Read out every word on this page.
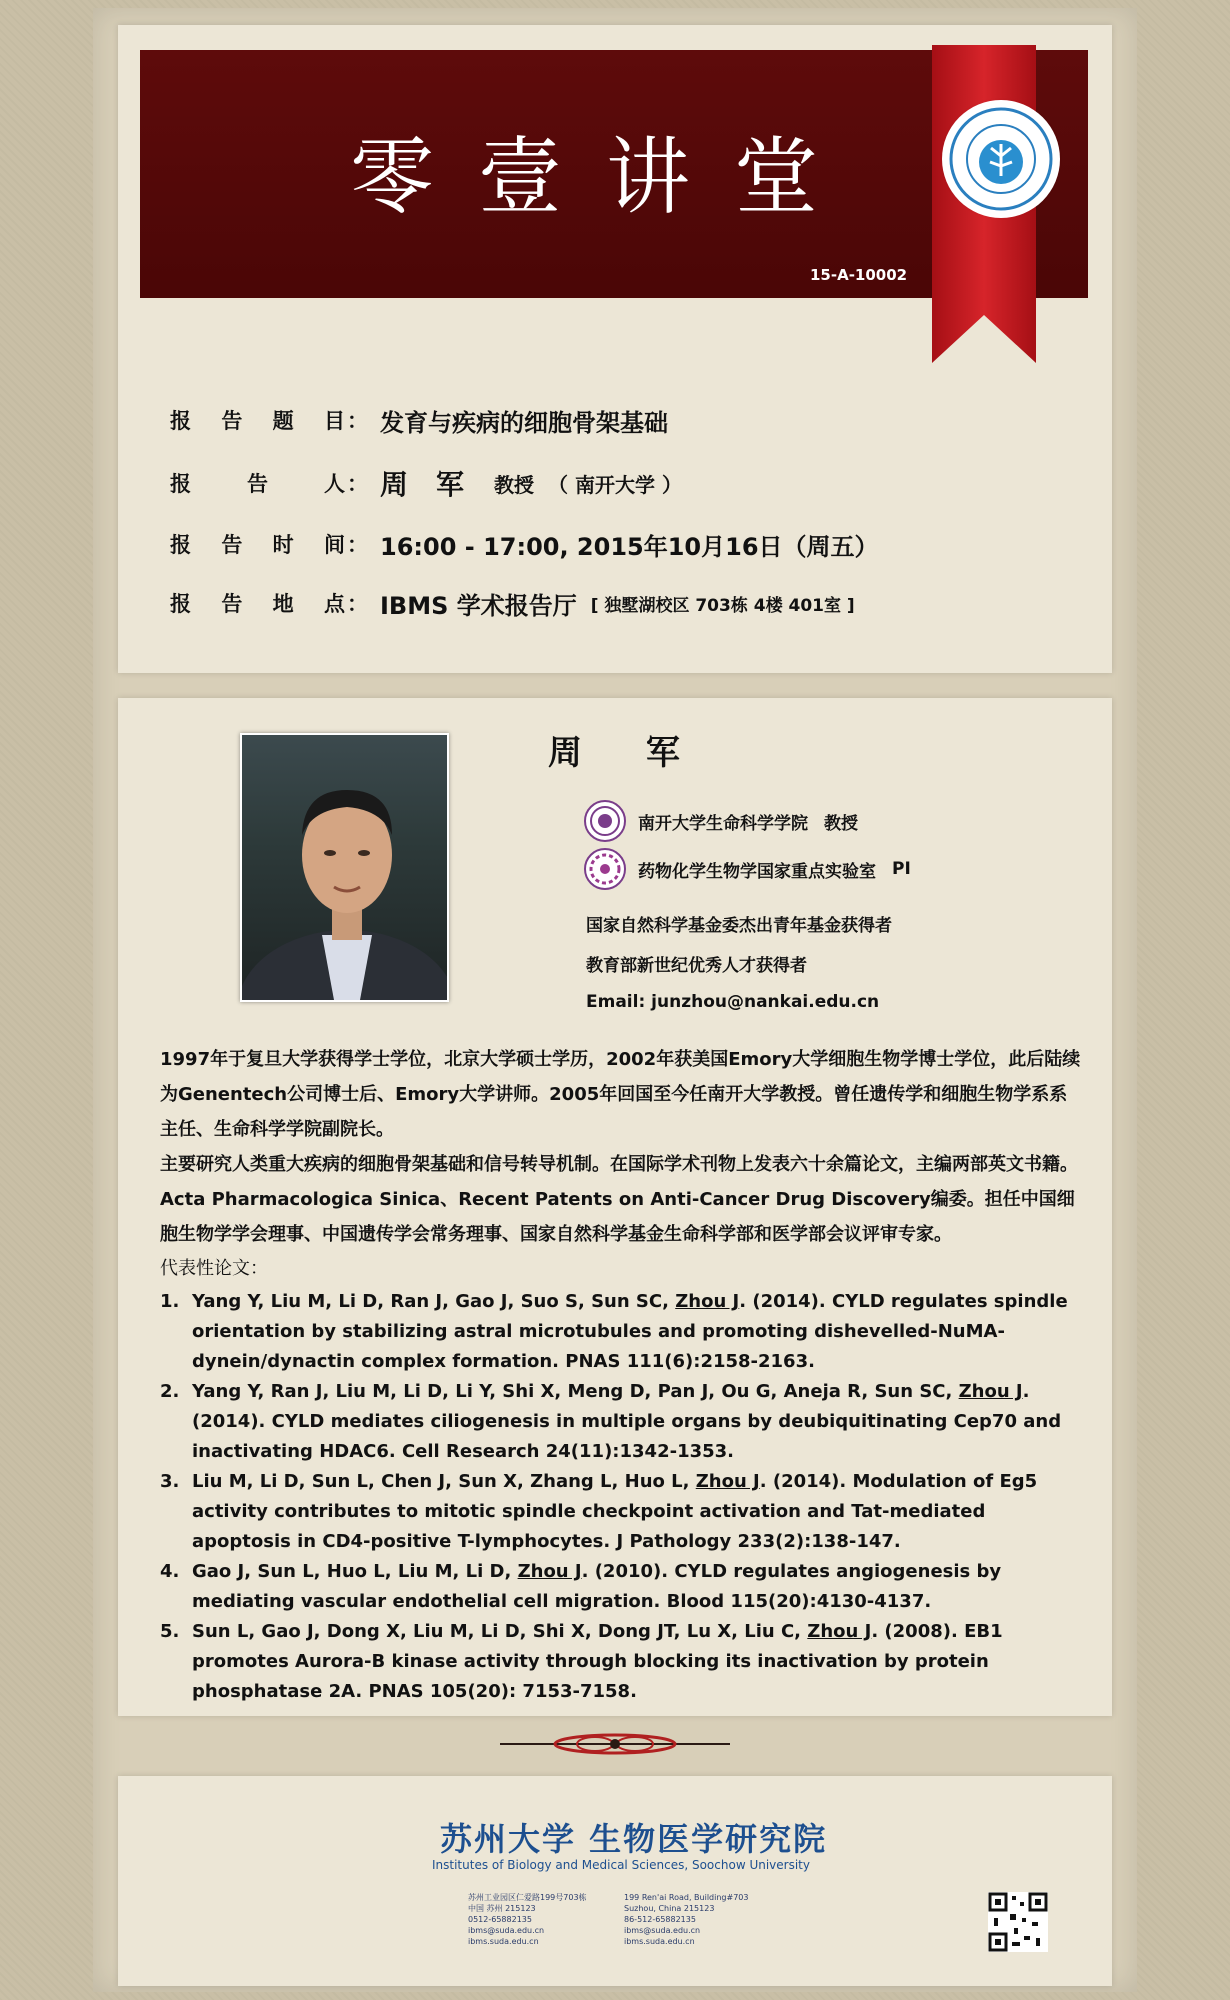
零壹讲堂
15-A-10002
报 告 题 目： 发育与疾病的细胞骨架基础
报	告	人： 周　军 教授 （ 南开大学 ）
报 告 时 间： 16:00 - 17:00, 2015年10月16日（周五）
报 告 地 点： IBMS 学术报告厅 [ 独墅湖校区 703栋 4楼 401室 ]
周 军
南开大学生命科学学院 教授
药物化学生物学国家重点实验室 PI
国家自然科学基金委杰出青年基金获得者
教育部新世纪优秀人才获得者
Email: junzhou@nankai.edu.cn
1997年于复旦大学获得学士学位，北京大学硕士学历，2002年获美国Emory大学细胞生物学博士学位，此后陆续为Genentech公司博士后、Emory大学讲师。2005年回国至今任南开大学教授。曾任遗传学和细胞生物学系系主任、生命科学学院副院长。
主要研究人类重大疾病的细胞骨架基础和信号转导机制。在国际学术刊物上发表六十余篇论文，主编两部英文书籍。Acta Pharmacologica Sinica、Recent Patents on Anti-Cancer Drug Discovery编委。担任中国细胞生物学学会理事、中国遗传学会常务理事、国家自然科学基金生命科学部和医学部会议评审专家。
代表性论文：
1. Yang Y, Liu M, Li D, Ran J, Gao J, Suo S, Sun SC, Zhou J. (2014). CYLD regulates spindle orientation by stabilizing astral microtubules and promoting dishevelled-NuMA-dynein/dynactin complex formation. PNAS 111(6):2158-2163.
2. Yang Y, Ran J, Liu M, Li D, Li Y, Shi X, Meng D, Pan J, Ou G, Aneja R, Sun SC, Zhou J. (2014). CYLD mediates ciliogenesis in multiple organs by deubiquitinating Cep70 and inactivating HDAC6. Cell Research 24(11):1342-1353.
3. Liu M, Li D, Sun L, Chen J, Sun X, Zhang L, Huo L, Zhou J. (2014). Modulation of Eg5 activity contributes to mitotic spindle checkpoint activation and Tat-mediated apoptosis in CD4-positive T-lymphocytes. J Pathology 233(2):138-147.
4. Gao J, Sun L, Huo L, Liu M, Li D, Zhou J. (2010). CYLD regulates angiogenesis by mediating vascular endothelial cell migration. Blood 115(20):4130-4137.
5. Sun L, Gao J, Dong X, Liu M, Li D, Shi X, Dong JT, Lu X, Liu C, Zhou J. (2008). EB1 promotes Aurora-B kinase activity through blocking its inactivation by protein phosphatase 2A. PNAS 105(20): 7153-7158.
苏州大学 生物医学研究院
Institutes of Biology and Medical Sciences, Soochow University
苏州工业园区仁爱路199号703栋
中国 苏州 215123
0512-65882135
ibms@suda.edu.cn
ibms.suda.edu.cn
199 Ren'ai Road, Building#703
Suzhou, China 215123
86-512-65882135
ibms@suda.edu.cn
ibms.suda.edu.cn
